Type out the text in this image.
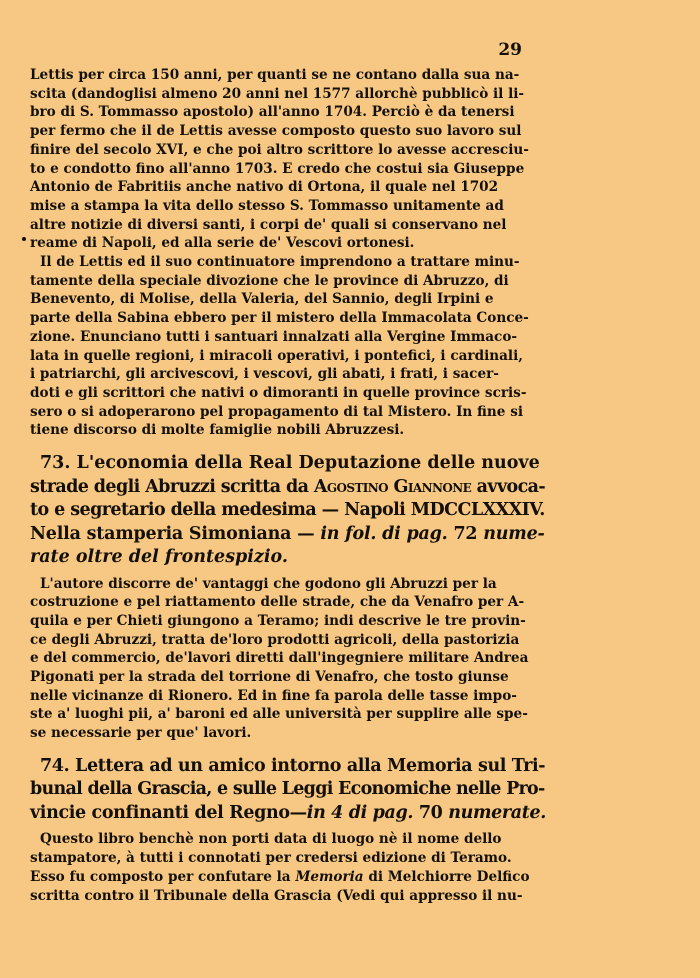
29
Lettis per circa 150 anni, per quanti se ne contano dalla sua na-
scita (dandoglisi almeno 20 anni nel 1577 allorchè pubblicò il li-
bro di S. Tommasso apostolo) all'anno 1704. Perciò è da tenersi
per fermo che il de Lettis avesse composto questo suo lavoro sul
finire del secolo XVI, e che poi altro scrittore lo avesse accresciu-
to e condotto fino all'anno 1703. E credo che costui sia Giuseppe
Antonio de Fabritiis anche nativo di Ortona, il quale nel 1702
mise a stampa la vita dello stesso S. Tommasso unitamente ad
altre notizie di diversi santi, i corpi de' quali si conservano nel
reame di Napoli, ed alla serie de' Vescovi ortonesi.
Il de Lettis ed il suo continuatore imprendono a trattare minu-
tamente della speciale divozione che le province di Abruzzo, di
Benevento, di Molise, della Valeria, del Sannio, degli Irpini e
parte della Sabina ebbero per il mistero della Immacolata Conce-
zione. Enunciano tutti i santuari innalzati alla Vergine Immaco-
lata in quelle regioni, i miracoli operativi, i pontefici, i cardinali,
i patriarchi, gli arcivescovi, i vescovi, gli abati, i frati, i sacer-
doti e gli scrittori che nativi o dimoranti in quelle province scris-
sero o si adoperarono pel propagamento di tal Mistero. In fine si
tiene discorso di molte famiglie nobili Abruzzesi.
73. L'economia della Real Deputazione delle nuove
strade degli Abruzzi scritta da Agostino Giannone avvoca-
to e segretario della medesima — Napoli MDCCLXXXIV.
Nella stamperia Simoniana — in fol. di pag. 72 nume-
rate oltre del frontespizio.
L'autore discorre de' vantaggi che godono gli Abruzzi per la
costruzione e pel riattamento delle strade, che da Venafro per A-
quila e per Chieti giungono a Teramo; indi descrive le tre provin-
ce degli Abruzzi, tratta de'loro prodotti agricoli, della pastorizia
e del commercio, de'lavori diretti dall'ingegniere militare Andrea
Pigonati per la strada del torrione di Venafro, che tosto giunse
nelle vicinanze di Rionero. Ed in fine fa parola delle tasse impo-
ste a' luoghi pii, a' baroni ed alle università per supplire alle spe-
se necessarie per que' lavori.
74. Lettera ad un amico intorno alla Memoria sul Tri-
bunal della Grascia, e sulle Leggi Economiche nelle Pro-
vincie confinanti del Regno—in 4 di pag. 70 numerate.
Questo libro benchè non porti data di luogo nè il nome dello
stampatore, à tutti i connotati per credersi edizione di Teramo.
Esso fu composto per confutare la Memoria di Melchiorre Delfico
scritta contro il Tribunale della Grascia (Vedi qui appresso il nu-
